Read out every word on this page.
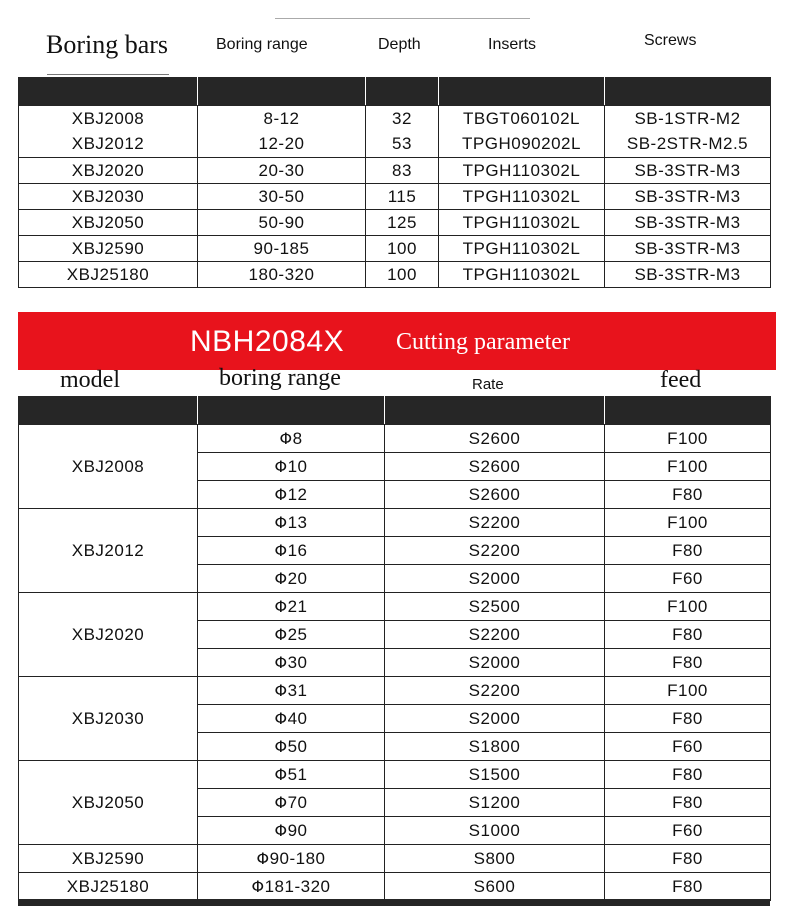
Boring bars	Boring range	Depth	Inserts	Screws

XBJ2008	8-12	32	TBGT060102L	SB-1STR-M2
XBJ2012	12-20	53	TPGH090202L	SB-2STR-M2.5
XBJ2020	20-30	83	TPGH110302L	SB-3STR-M3
XBJ2030	30-50	115	TPGH110302L	SB-3STR-M3
XBJ2050	50-90	125	TPGH110302L	SB-3STR-M3
XBJ2590	90-185	100	TPGH110302L	SB-3STR-M3
XBJ25180	180-320	100	TPGH110302L	SB-3STR-M3
NBH2084X Cutting parameter
model	boring range	Rate	feed

XBJ2008	Φ8	S2600	F100
	Φ10	S2600	F100
	Φ12	S2600	F80
XBJ2012	Φ13	S2200	F100
	Φ16	S2200	F80
	Φ20	S2000	F60
XBJ2020	Φ21	S2500	F100
	Φ25	S2200	F80
	Φ30	S2000	F80
XBJ2030	Φ31	S2200	F100
	Φ40	S2000	F80
	Φ50	S1800	F60
XBJ2050	Φ51	S1500	F80
	Φ70	S1200	F80
	Φ90	S1000	F60
XBJ2590	Φ90-180	S800	F80
XBJ25180	Φ181-320	S600	F80
